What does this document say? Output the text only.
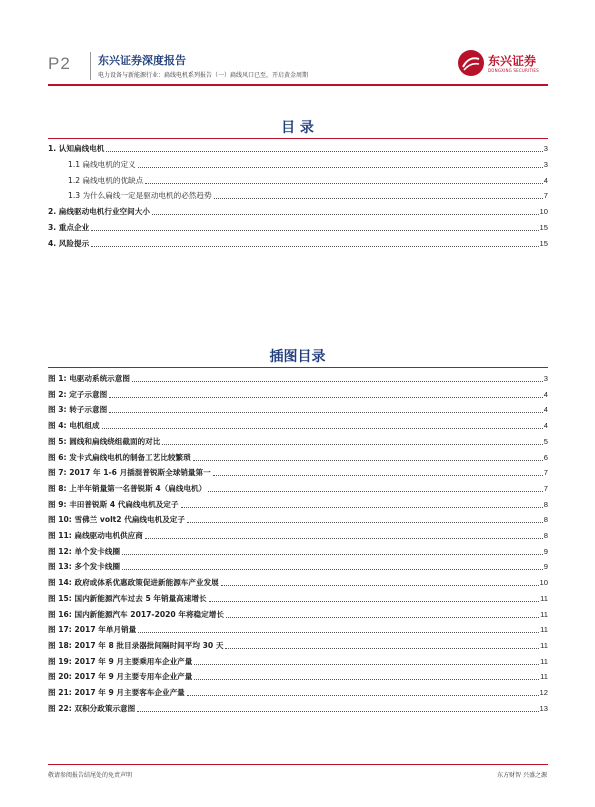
P2 东兴证券深度报告
电力设备与新能源行业：扁线电机系列报告（一）扁线风口已至，开启黄金周期
东兴证券
DONGXING SECURITIES
目 录
1. 认知扁线电机	3
1.1 扁线电机的定义	3
1.2 扁线电机的优缺点	4
1.3 为什么扁线一定是驱动电机的必然趋势	7
2. 扁线驱动电机行业空间大小	10
3. 重点企业	15
4. 风险提示	15
插图目录
图 1: 电驱动系统示意图	3
图 2: 定子示意图	4
图 3: 转子示意图	4
图 4: 电机组成	4
图 5: 圆线和扁线绕组截面的对比	5
图 6: 发卡式扁线电机的制备工艺比较繁琐	6
图 7: 2017 年 1-6 月插混普锐斯全球销量第一	7
图 8: 上半年销量第一名普锐斯 4（扁线电机）	7
图 9: 丰田普锐斯 4 代扁线电机及定子	8
图 10: 雪佛兰 volt2 代扁线电机及定子	8
图 11: 扁线驱动电机供应商	8
图 12: 单个发卡线圈	9
图 13: 多个发卡线圈	9
图 14: 政府或体系优惠政策促进新能源车产业发展	10
图 15: 国内新能源汽车过去 5 年销量高速增长	11
图 16: 国内新能源汽车 2017-2020 年将稳定增长	11
图 17: 2017 年单月销量	11
图 18: 2017 年 8 批目录器批间隔时间平均 30 天	11
图 19: 2017 年 9 月主要乘用车企业产量	11
图 20: 2017 年 9 月主要专用车企业产量	11
图 21: 2017 年 9 月主要客车企业产量	12
图 22: 双积分政策示意图	13
敬请参阅报告结尾处的免责声明	东方财智 兴盛之源
